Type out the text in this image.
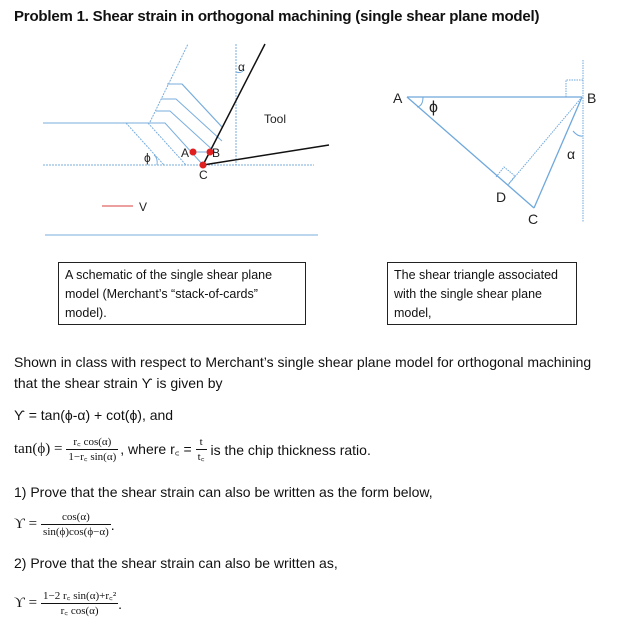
Problem 1. Shear strain in orthogonal machining (single shear plane model)
α
Tool
ϕ	A B
C
V
A	B
C
D
ϕ
α
A schematic of the single shear plane model (Merchant’s “stack-of-cards” model).
The shear triangle associated with the single shear plane model,
Shown in class with respect to Merchant’s single shear plane model for orthogonal machining
that the shear strain ϒ is given by
ϒ = tan(ϕ-α) + cot(ϕ), and
$\tan(\phi) = \frac{r꜀ \cos(\alpha)}{1-r꜀ \sin(\alpha)}$ , where r꜀ = $\frac{t}{t꜀}$ is the chip thickness ratio.
1) Prove that the shear strain can also be written as the form below,
$ϒ = \frac{\cos(\alpha)}{\sin(\phi)\cos(\phi-\alpha)}$ .
2) Prove that the shear strain can also be written as,
$ϒ = \frac{\text{1−2 r꜀ sin(α)+r꜀²}}{r꜀ \cos(\alpha)}$ .
